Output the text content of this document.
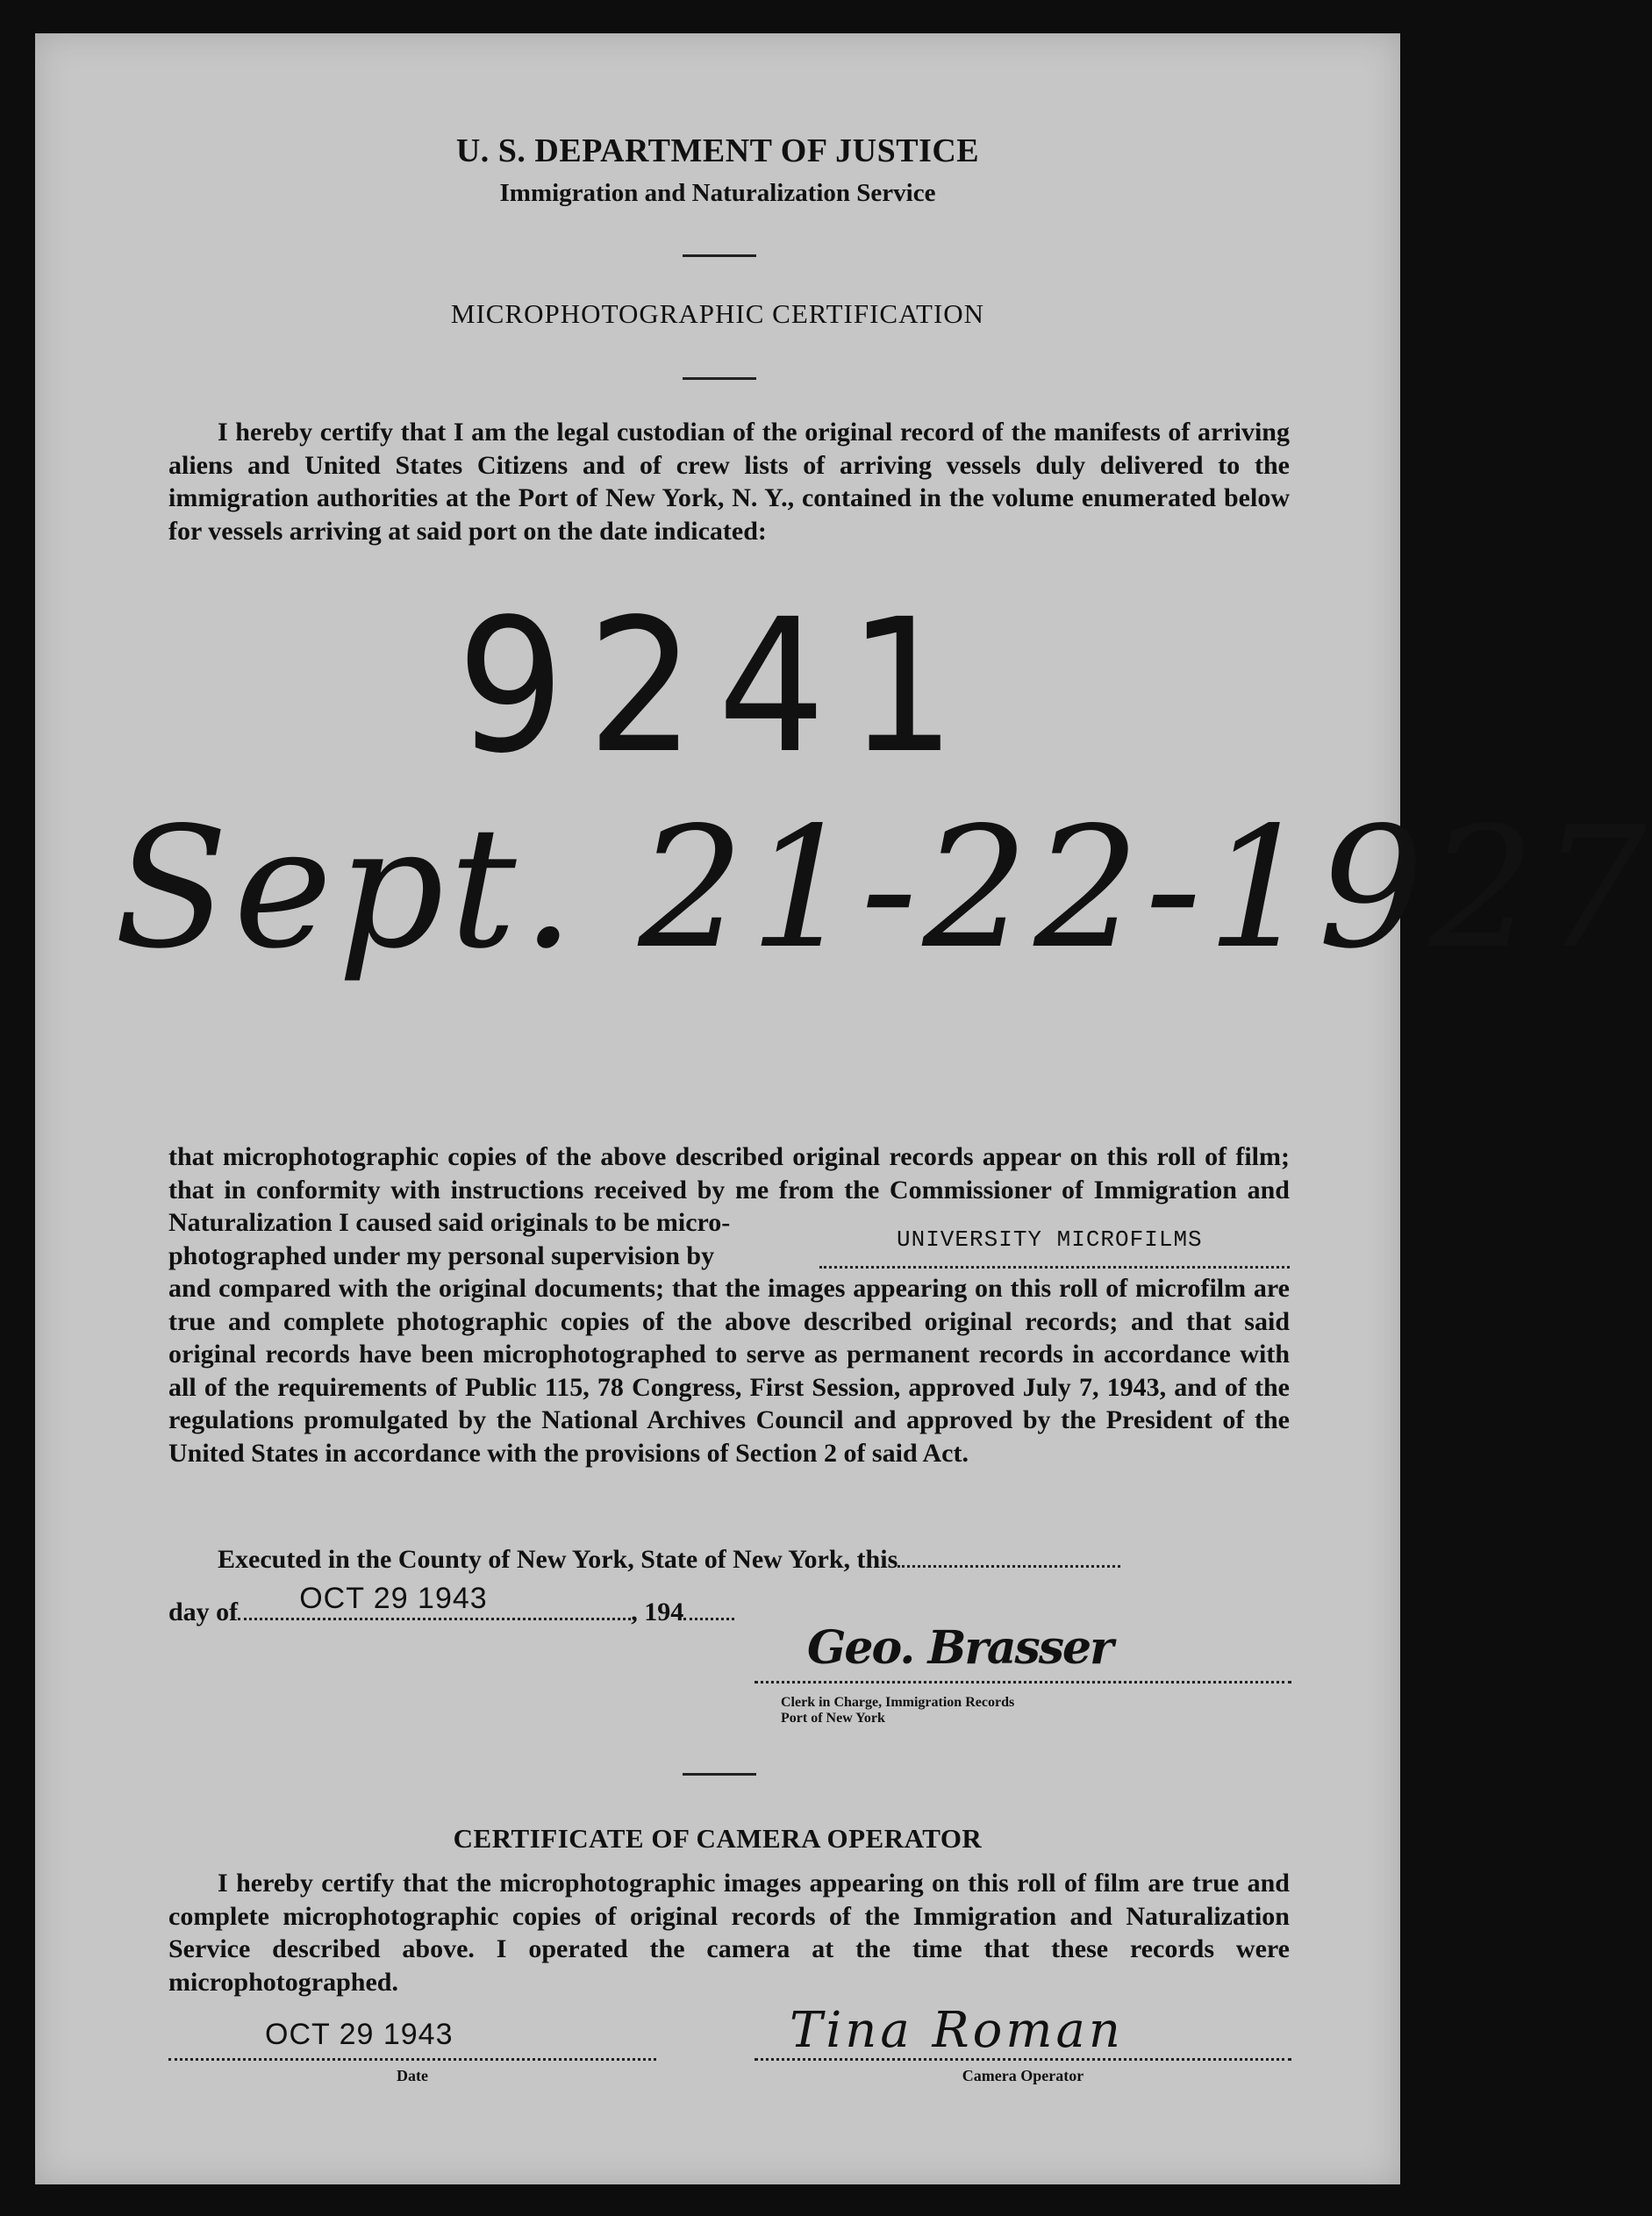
U. S. DEPARTMENT OF JUSTICE
Immigration and Naturalization Service
MICROPHOTOGRAPHIC CERTIFICATION
I hereby certify that I am the legal custodian of the original record of the manifests of arriving aliens and United States Citizens and of crew lists of arriving vessels duly delivered to the immigration authorities at the Port of New York, N. Y., contained in the volume enumerated below for vessels arriving at said port on the date indicated:
9241
Sept. 21-22-1927
that microphotographic copies of the above described original records appear on this roll of film; that in conformity with instructions received by me from the Commissioner of Immigration and Naturalization I caused said originals to be micro-
photographed under my personal supervision by
UNIVERSITY MICROFILMS
and compared with the original documents; that the images appearing on this roll of microfilm are true and complete photographic copies of the above described original records; and that said original records have been microphotographed to serve as permanent records in accordance with all of the requirements of Public 115, 78 Congress, First Session, approved July 7, 1943, and of the regulations promulgated by the National Archives Council and approved by the President of the United States in accordance with the provisions of Section 2 of said Act.
Executed in the County of New York, State of New York, this
day of OCT 29 1943	, 194
Geo. Brasser
Clerk in Charge, Immigration Records
Port of New York
CERTIFICATE OF CAMERA OPERATOR
I hereby certify that the microphotographic images appearing on this roll of film are true and complete microphotographic copies of original records of the Immigration and Naturalization Service described above. I operated the camera at the time that these records were microphotographed.
OCT 29 1943
Date
Tina Roman
Camera Operator
